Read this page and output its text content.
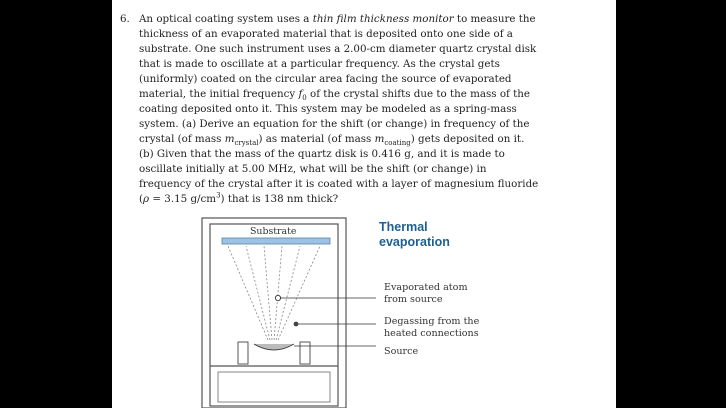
6. An optical coating system uses a thin film thickness monitor to measure the thickness of an evaporated material that is deposited onto one side of a substrate. One such instrument uses a 2.00-cm diameter quartz crystal disk that is made to oscillate at a particular frequency. As the crystal gets (uniformly) coated on the circular area facing the source of evaporated material, the initial frequency $f_0$ of the crystal shifts due to the mass of the coating deposited onto it. This system may be modeled as a spring-mass system. (a) Derive an equation for the shift (or change) in frequency of the crystal (of mass $m_{crystal}$) as material (of mass $m_{coating}$) gets deposited on it. (b) Given that the mass of the quartz disk is 0.416 g, and it is made to oscillate initially at 5.00 MHz, what will be the shift (or change) in frequency of the crystal after it is coated with a layer of magnesium fluoride (ρ = 3.15 $g/cm^3$) that is 138 nm thick?
Substrate	Thermal
evaporation
Evaporated atom
from source
Degassing from the
heated connections
Source
